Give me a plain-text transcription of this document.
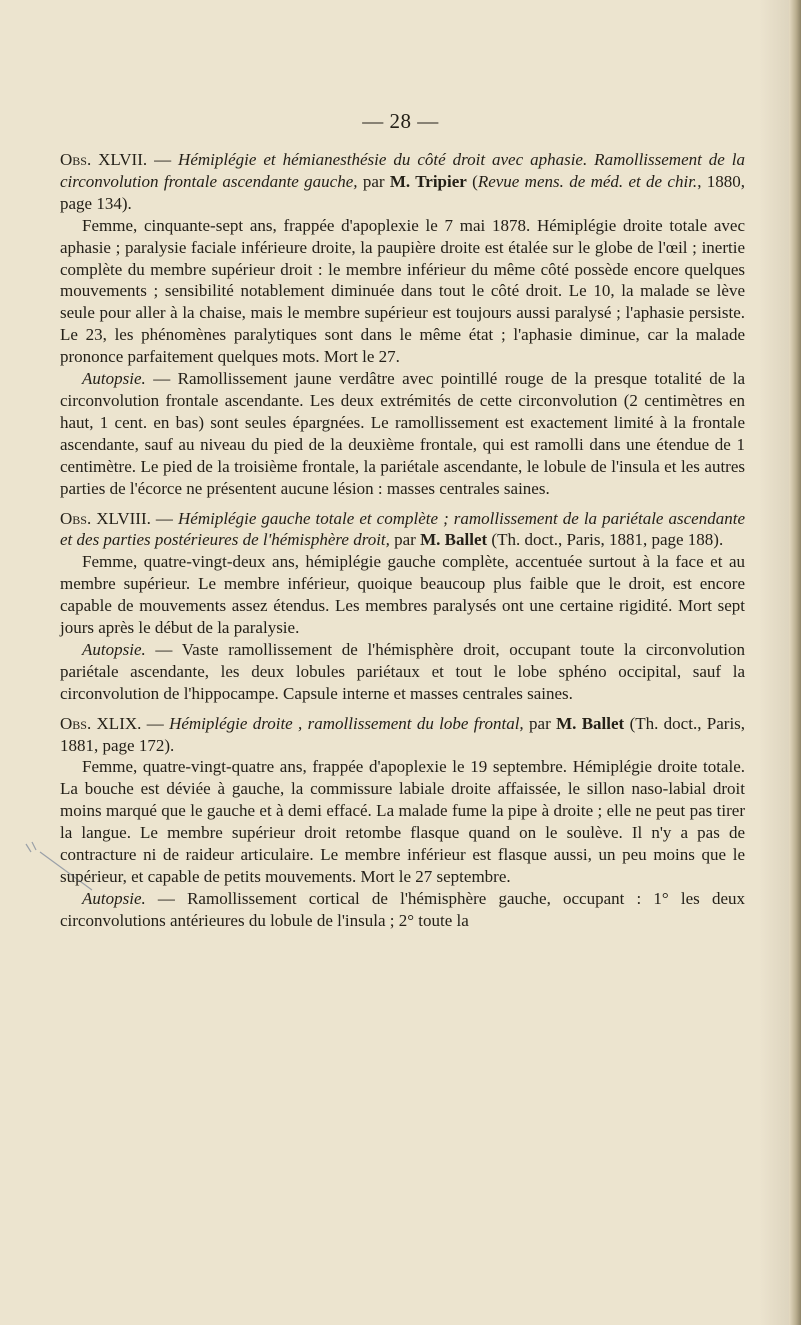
— 28 —

Obs. XLVII. — Hémiplégie et hémianesthésie du côté droit avec aphasie. Ramollissement de la circonvolution frontale ascendante gauche, par M. Tripier (Revue mens. de méd. et de chir., 1880, page 134).

Femme, cinquante-sept ans, frappée d'apoplexie le 7 mai 1878. Hémiplégie droite totale avec aphasie ; paralysie faciale inférieure droite, la paupière droite est étalée sur le globe de l'œil ; inertie complète du membre supérieur droit : le membre inférieur du même côté possède encore quelques mouvements ; sensibilité notablement diminuée dans tout le côté droit. Le 10, la malade se lève seule pour aller à la chaise, mais le membre supérieur est toujours aussi paralysé ; l'aphasie persiste. Le 23, les phénomènes paralytiques sont dans le même état ; l'aphasie diminue, car la malade prononce parfaitement quelques mots. Mort le 27.

Autopsie. — Ramollissement jaune verdâtre avec pointillé rouge de la presque totalité de la circonvolution frontale ascendante. Les deux extrémités de cette circonvolution (2 centimètres en haut, 1 cent. en bas) sont seules épargnées. Le ramollissement est exactement limité à la frontale ascendante, sauf au niveau du pied de la deuxième frontale, qui est ramolli dans une étendue de 1 centimètre. Le pied de la troisième frontale, la pariétale ascendante, le lobule de l'insula et les autres parties de l'écorce ne présentent aucune lésion : masses centrales saines.

Obs. XLVIII. — Hémiplégie gauche totale et complète ; ramollissement de la pariétale ascendante et des parties postérieures de l'hémisphère droit, par M. Ballet (Th. doct., Paris, 1881, page 188).

Femme, quatre-vingt-deux ans, hémiplégie gauche complète, accentuée surtout à la face et au membre supérieur. Le membre inférieur, quoique beaucoup plus faible que le droit, est encore capable de mouvements assez étendus. Les membres paralysés ont une certaine rigidité. Mort sept jours après le début de la paralysie.

Autopsie. — Vaste ramollissement de l'hémisphère droit, occupant toute la circonvolution pariétale ascendante, les deux lobules pariétaux et tout le lobe sphéno occipital, sauf la circonvolution de l'hippocampe. Capsule interne et masses centrales saines.

Obs. XLIX. — Hémiplégie droite , ramollissement du lobe frontal, par M. Ballet (Th. doct., Paris, 1881, page 172).

Femme, quatre-vingt-quatre ans, frappée d'apoplexie le 19 septembre. Hémiplégie droite totale. La bouche est déviée à gauche, la commissure labiale droite affaissée, le sillon naso-labial droit moins marqué que le gauche et à demi effacé. La malade fume la pipe à droite ; elle ne peut pas tirer la langue. Le membre supérieur droit retombe flasque quand on le soulève. Il n'y a pas de contracture ni de raideur articulaire. Le membre inférieur est flasque aussi, un peu moins que le supérieur, et capable de petits mouvements. Mort le 27 septembre.

Autopsie. — Ramollissement cortical de l'hémisphère gauche, occupant : 1° les deux circonvolutions antérieures du lobule de l'insula ; 2° toute la
